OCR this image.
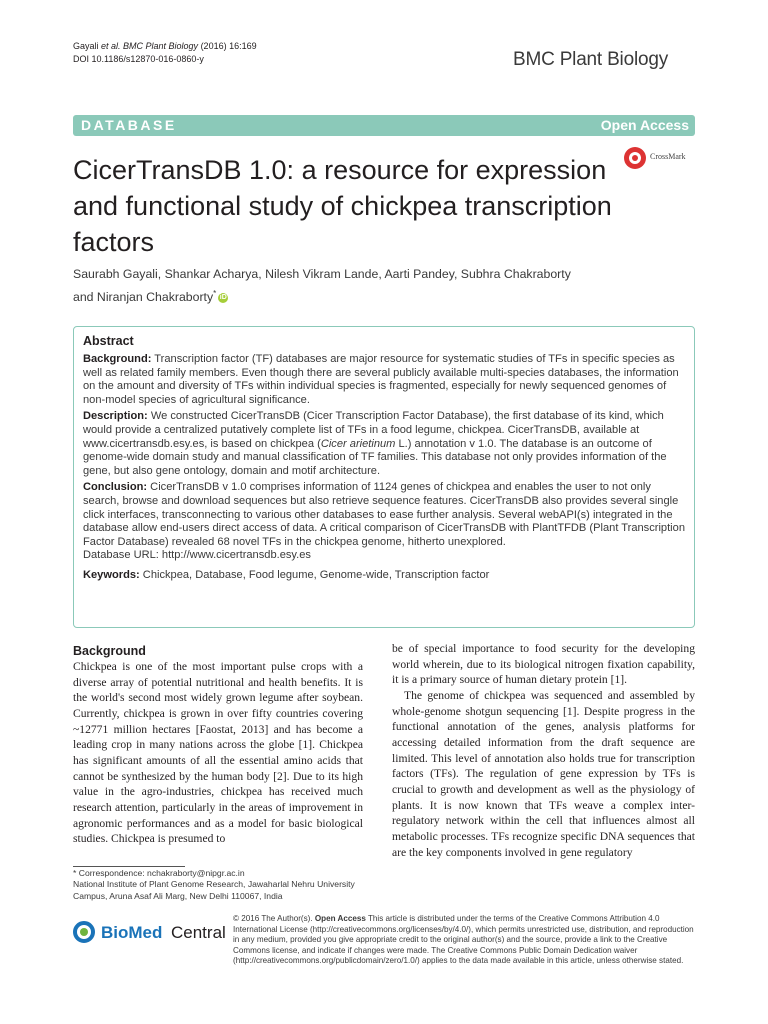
Gayali et al. BMC Plant Biology (2016) 16:169
DOI 10.1186/s12870-016-0860-y	BMC Plant Biology
DATABASE	Open Access
CicerTransDB 1.0: a resource for expression and functional study of chickpea transcription factors
CrossMark
Saurabh Gayali, Shankar Acharya, Nilesh Vikram Lande, Aarti Pandey, Subhra Chakraborty
and Niranjan Chakraborty* iD
Abstract

Background: Transcription factor (TF) databases are major resource for systematic studies of TFs in specific species as well as related family members. Even though there are several publicly available multi-species databases, the information on the amount and diversity of TFs within individual species is fragmented, especially for newly sequenced genomes of non-model species of agricultural significance.

Description: We constructed CicerTransDB (Cicer Transcription Factor Database), the first database of its kind, which would provide a centralized putatively complete list of TFs in a food legume, chickpea. CicerTransDB, available at www.cicertransdb.esy.es, is based on chickpea (Cicer arietinum L.) annotation v 1.0. The database is an outcome of genome-wide domain study and manual classification of TF families. This database not only provides information of the gene, but also gene ontology, domain and motif architecture.

Conclusion: CicerTransDB v 1.0 comprises information of 1124 genes of chickpea and enables the user to not only search, browse and download sequences but also retrieve sequence features. CicerTransDB also provides several single click interfaces, transconnecting to various other databases to ease further analysis. Several webAPI(s) integrated in the database allow end-users direct access of data. A critical comparison of CicerTransDB with PlantTFDB (Plant Transcription Factor Database) revealed 68 novel TFs in the chickpea genome, hitherto unexplored.

Database URL: http://www.cicertransdb.esy.es

Keywords: Chickpea, Database, Food legume, Genome-wide, Transcription factor

Background

Chickpea is one of the most important pulse crops with a diverse array of potential nutritional and health benefits. It is the world's second most widely grown legume after soybean. Currently, chickpea is grown in over fifty countries covering ~12771 million hectares [Faostat, 2013] and has become a leading crop in many nations across the globe [1]. Chickpea has significant amounts of all the essential amino acids that cannot be synthesized by the human body [2]. Due to its high value in the agro-industries, chickpea has received much research attention, particularly in the areas of improvement in agronomic performances and as a model for basic biological studies. Chickpea is presumed to

be of special importance to food security for the developing world wherein, due to its biological nitrogen fixation capability, it is a primary source of human dietary protein [1].

The genome of chickpea was sequenced and assembled by whole-genome shotgun sequencing [1]. Despite progress in the functional annotation of the genes, analysis platforms for accessing detailed information from the draft sequence are limited. This level of annotation also holds true for transcription factors (TFs). The regulation of gene expression by TFs is crucial to growth and development as well as the physiology of plants. It is now known that TFs weave a complex inter-regulatory network within the cell that influences almost all metabolic processes. TFs recognize specific DNA sequences that are the key components involved in gene regulatory

* Correspondence: nchakraborty@nipgr.ac.in
National Institute of Plant Genome Research, Jawaharlal Nehru University Campus, Aruna Asaf Ali Marg, New Delhi 110067, India
BioMed Central
© 2016 The Author(s). Open Access This article is distributed under the terms of the Creative Commons Attribution 4.0 International License (http://creativecommons.org/licenses/by/4.0/), which permits unrestricted use, distribution, and reproduction in any medium, provided you give appropriate credit to the original author(s) and the source, provide a link to the Creative Commons license, and indicate if changes were made. The Creative Commons Public Domain Dedication waiver (http://creativecommons.org/publicdomain/zero/1.0/) applies to the data made available in this article, unless otherwise stated.
